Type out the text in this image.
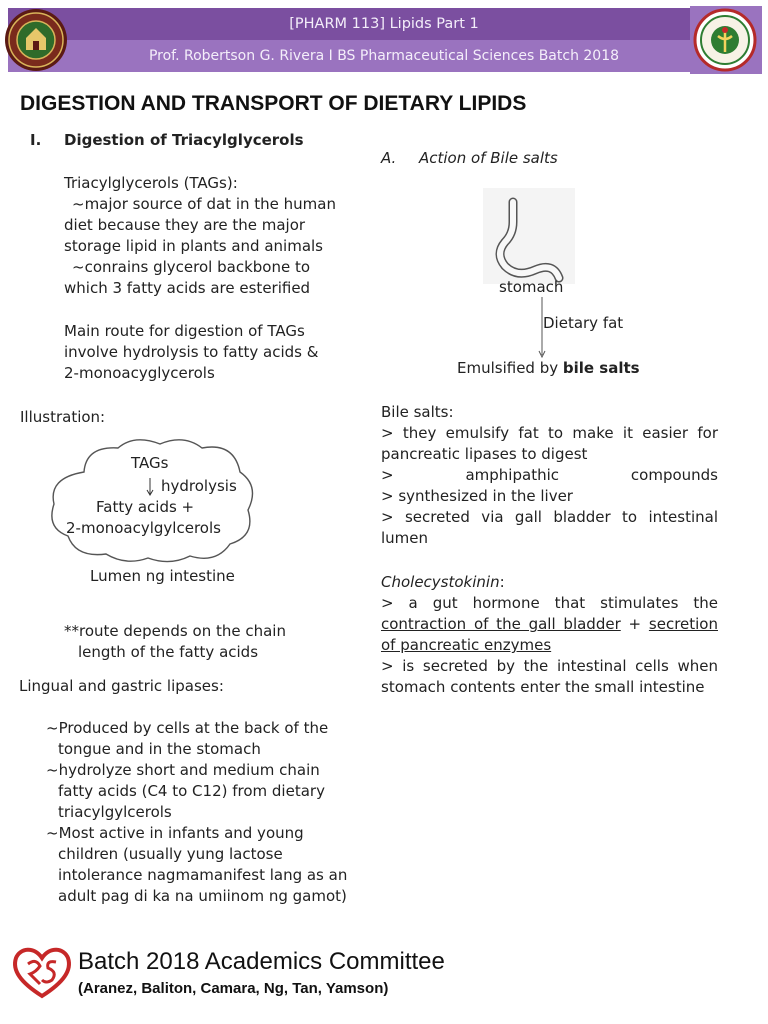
[PHARM 113] Lipids Part 1
Prof. Robertson G. Rivera I BS Pharmaceutical Sciences Batch 2018
DIGESTION AND TRANSPORT OF DIETARY LIPIDS
I. Digestion of Triacylglycerols
Triacylglycerols (TAGs):
~major source of dat in the human
diet because they are the major
storage lipid in plants and animals
~conrains glycerol backbone to
which 3 fatty acids are esterified
Main route for digestion of TAGs
involve hydrolysis to fatty acids &
2-monoacyglycerols
Illustration:
TAGs
hydrolysis
Fatty acids +
2-monoacylgylcerols
Lumen ng intestine
**route depends on the chain
length of the fatty acids
Lingual and gastric lipases:
~Produced by cells at the back of the
tongue and in the stomach
~hydrolyze short and medium chain
fatty acids (C4 to C12) from dietary
triacylgylcerols
~Most active in infants and young
children (usually yung lactose
intolerance nagmamanifest lang as an
adult pag di ka na umiinom ng gamot)
A. Action of Bile salts
stomach
Dietary fat
Emulsified by bile salts
Bile salts:
> they emulsify fat to make it easier for
pancreatic lipases to digest
> amphipathic compounds
> synthesized in the liver
> secreted via gall bladder to intestinal
lumen
Cholecystokinin:
> a gut hormone that stimulates the
contraction of the gall bladder + secretion
of pancreatic enzymes
> is secreted by the intestinal cells when
stomach contents enter the small intestine
Batch 2018 Academics Committee
(Aranez, Baliton, Camara, Ng, Tan, Yamson)
